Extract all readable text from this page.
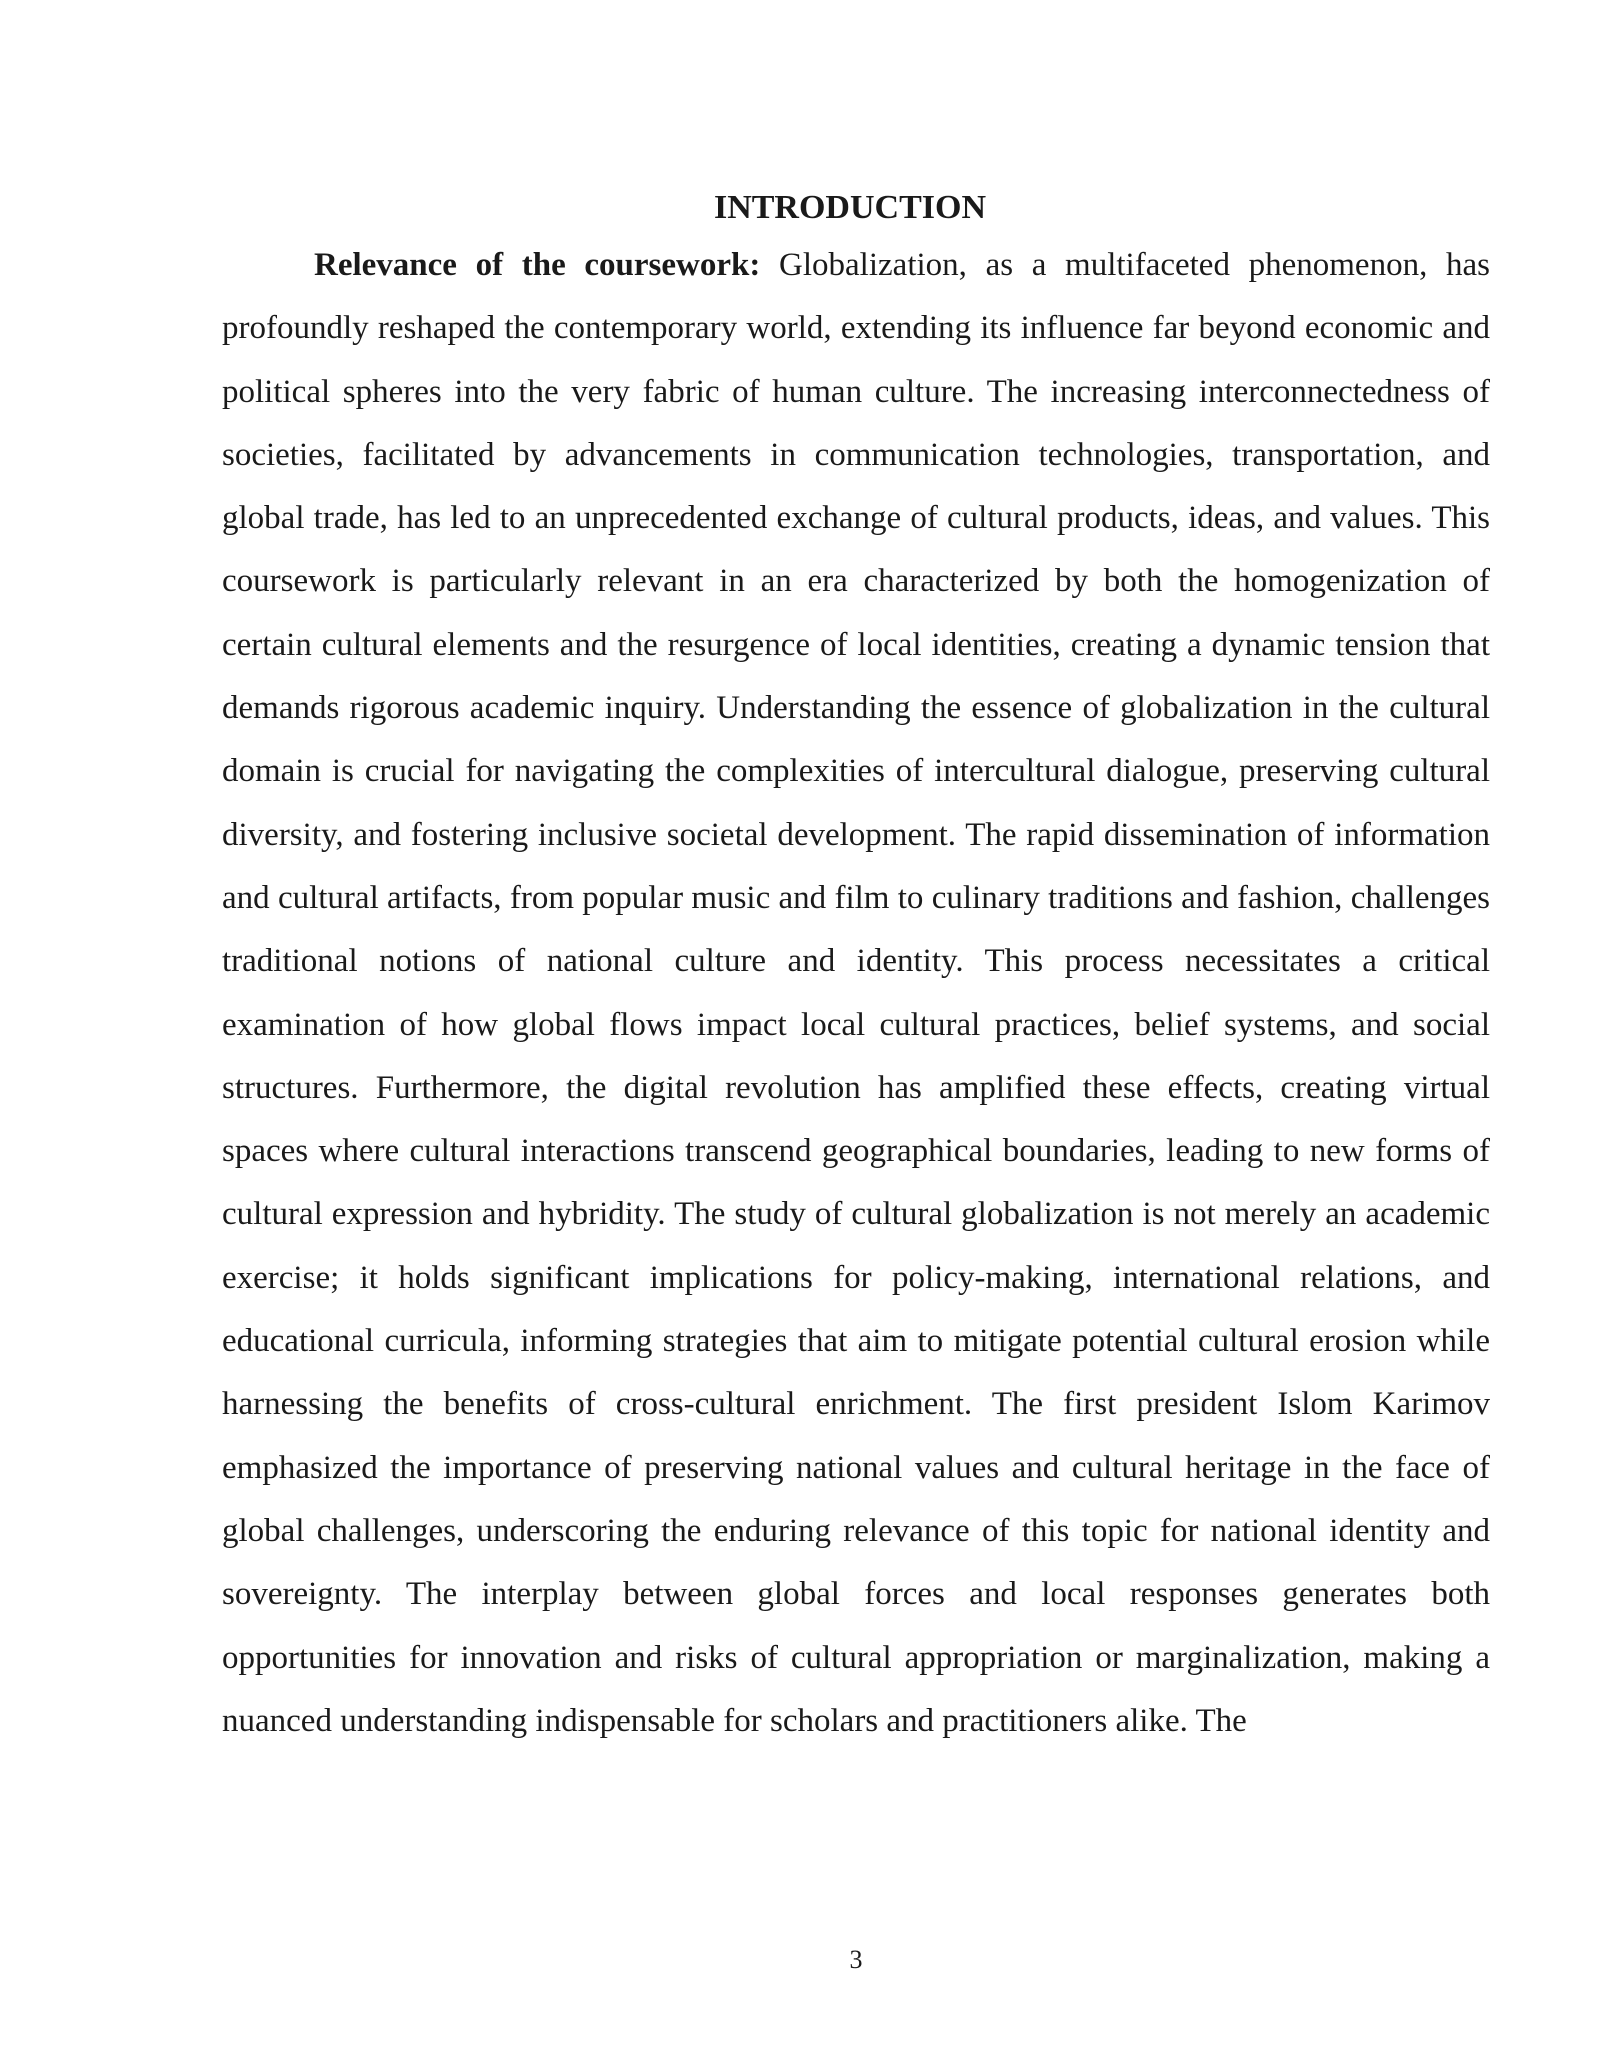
INTRODUCTION

Relevance of the coursework: Globalization, as a multifaceted phenomenon, has profoundly reshaped the contemporary world, extending its influence far beyond economic and political spheres into the very fabric of human culture. The increasing interconnectedness of societies, facilitated by advancements in communication technologies, transportation, and global trade, has led to an unprecedented exchange of cultural products, ideas, and values. This coursework is particularly relevant in an era characterized by both the homogenization of certain cultural elements and the resurgence of local identities, creating a dynamic tension that demands rigorous academic inquiry. Understanding the essence of globalization in the cultural domain is crucial for navigating the complexities of intercultural dialogue, preserving cultural diversity, and fostering inclusive societal development. The rapid dissemination of information and cultural artifacts, from popular music and film to culinary traditions and fashion, challenges traditional notions of national culture and identity. This process necessitates a critical examination of how global flows impact local cultural practices, belief systems, and social structures. Furthermore, the digital revolution has amplified these effects, creating virtual spaces where cultural interactions transcend geographical boundaries, leading to new forms of cultural expression and hybridity. The study of cultural globalization is not merely an academic exercise; it holds significant implications for policy-making, international relations, and educational curricula, informing strategies that aim to mitigate potential cultural erosion while harnessing the benefits of cross-cultural enrichment. The first president Islom Karimov emphasized the importance of preserving national values and cultural heritage in the face of global challenges, underscoring the enduring relevance of this topic for national identity and sovereignty. The interplay between global forces and local responses generates both opportunities for innovation and risks of cultural appropriation or marginalization, making a nuanced understanding indispensable for scholars and practitioners alike. The

3
